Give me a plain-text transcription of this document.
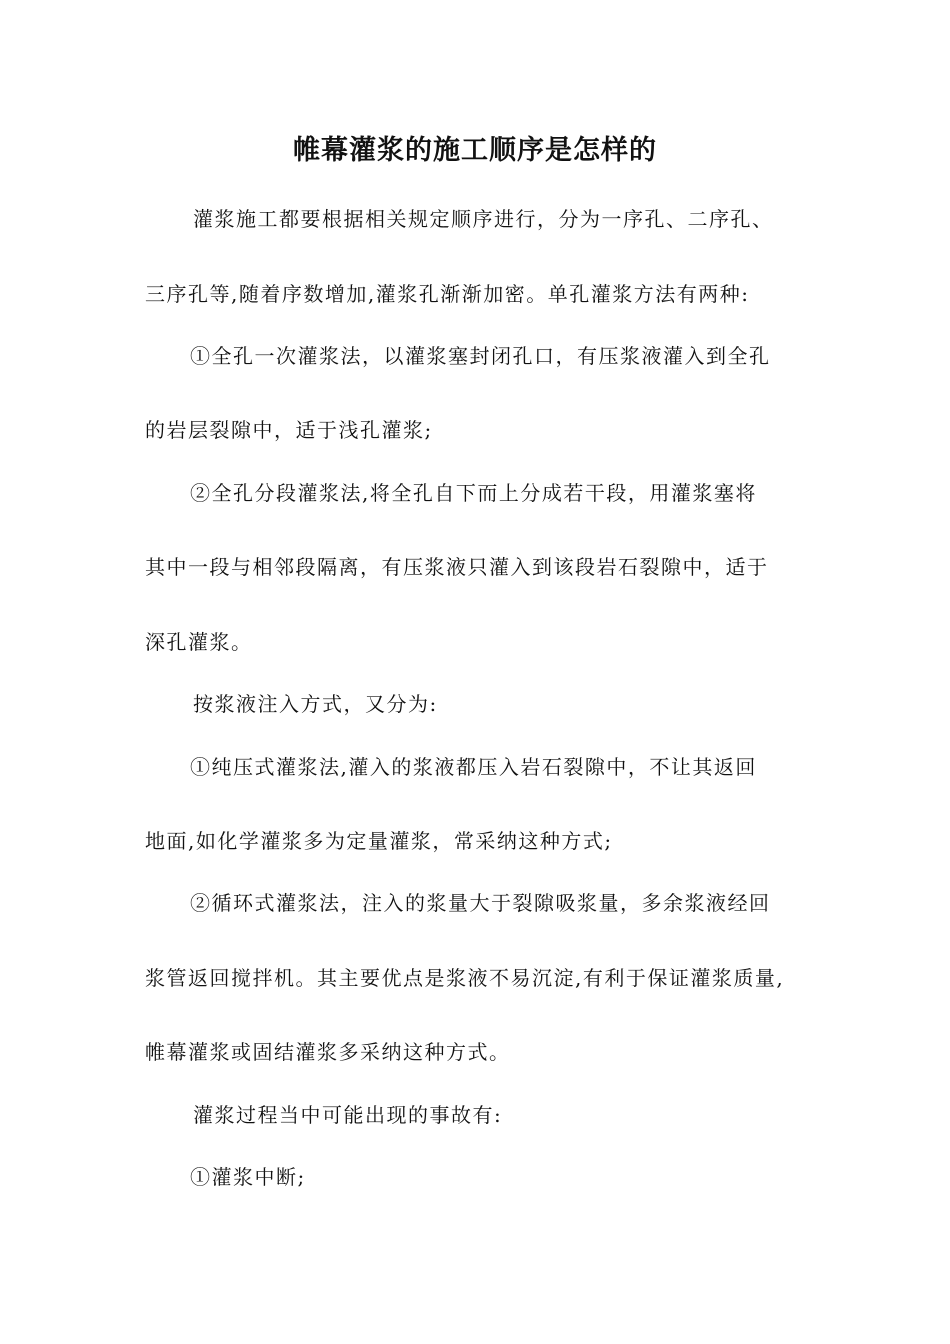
帷幕灌浆的施工顺序是怎样的
灌浆施工都要根据相关规定顺序进行，分为一序孔、二序孔、
三序孔等,随着序数增加,灌浆孔渐渐加密。单孔灌浆方法有两种:
①全孔一次灌浆法，以灌浆塞封闭孔口，有压浆液灌入到全孔
的岩层裂隙中，适于浅孔灌浆;
②全孔分段灌浆法,将全孔自下而上分成若干段，用灌浆塞将
其中一段与相邻段隔离，有压浆液只灌入到该段岩石裂隙中，适于
深孔灌浆。
按浆液注入方式，又分为:
①纯压式灌浆法,灌入的浆液都压入岩石裂隙中，不让其返回
地面,如化学灌浆多为定量灌浆，常采纳这种方式;
②循环式灌浆法，注入的浆量大于裂隙吸浆量，多余浆液经回
浆管返回搅拌机。其主要优点是浆液不易沉淀,有利于保证灌浆质量,
帷幕灌浆或固结灌浆多采纳这种方式。
灌浆过程当中可能出现的事故有:
①灌浆中断;
